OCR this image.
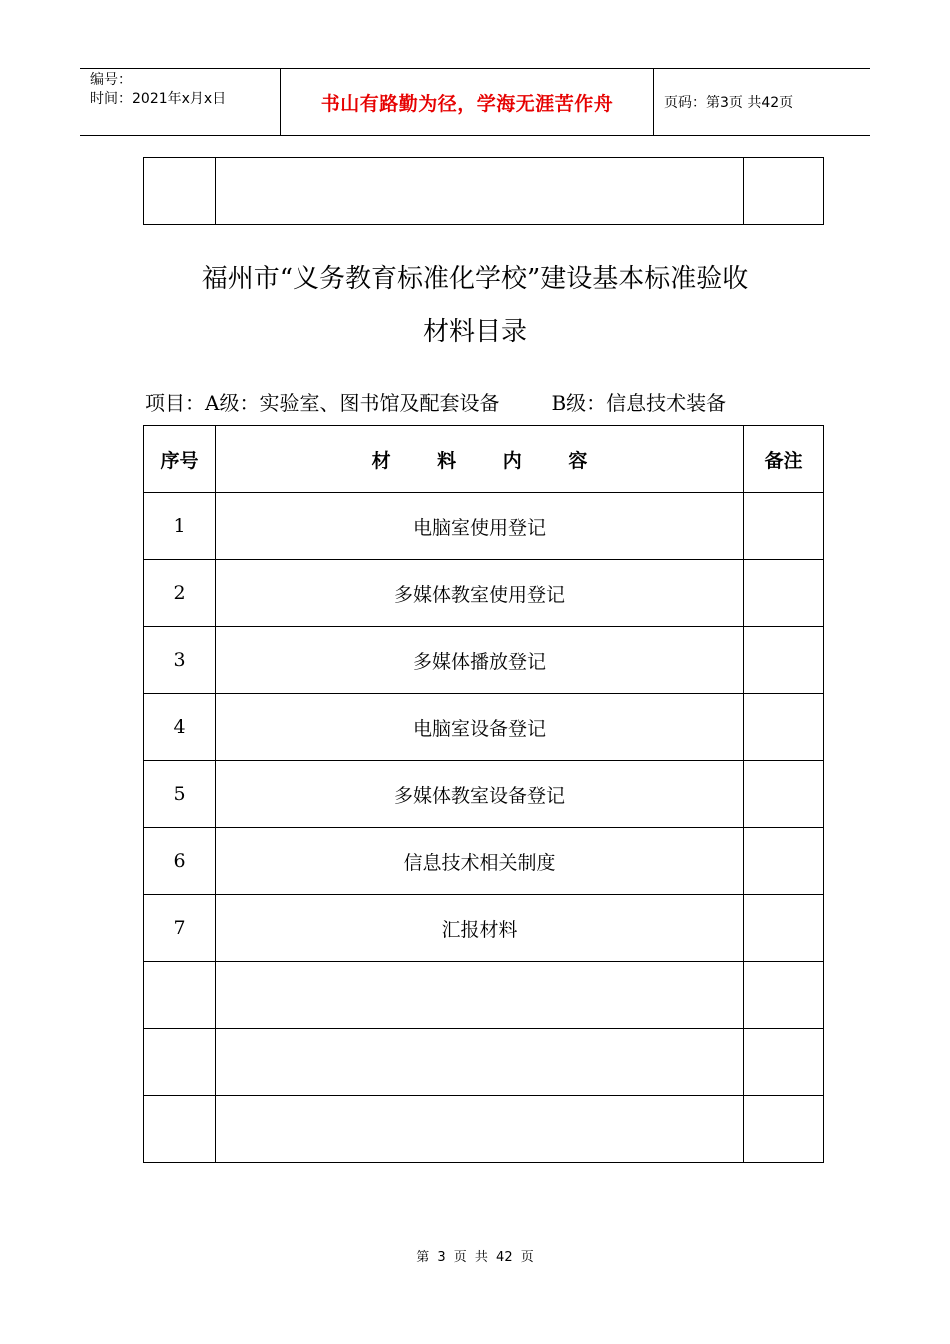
编号：
时间：2021年x月x日	书山有路勤为径，学海无涯苦作舟	页码：第3页 共42页

福州市“义务教育标准化学校”建设基本标准验收
材料目录
项目：A级：实验室、图书馆及配套设备	B级：信息技术装备
序号	材 料 内 容	备注
1	电脑室使用登记	
2	多媒体教室使用登记	
3	多媒体播放登记	
4	电脑室设备登记	
5	多媒体教室设备登记	
6	信息技术相关制度	
7	汇报材料	

第 3 页 共 42 页
